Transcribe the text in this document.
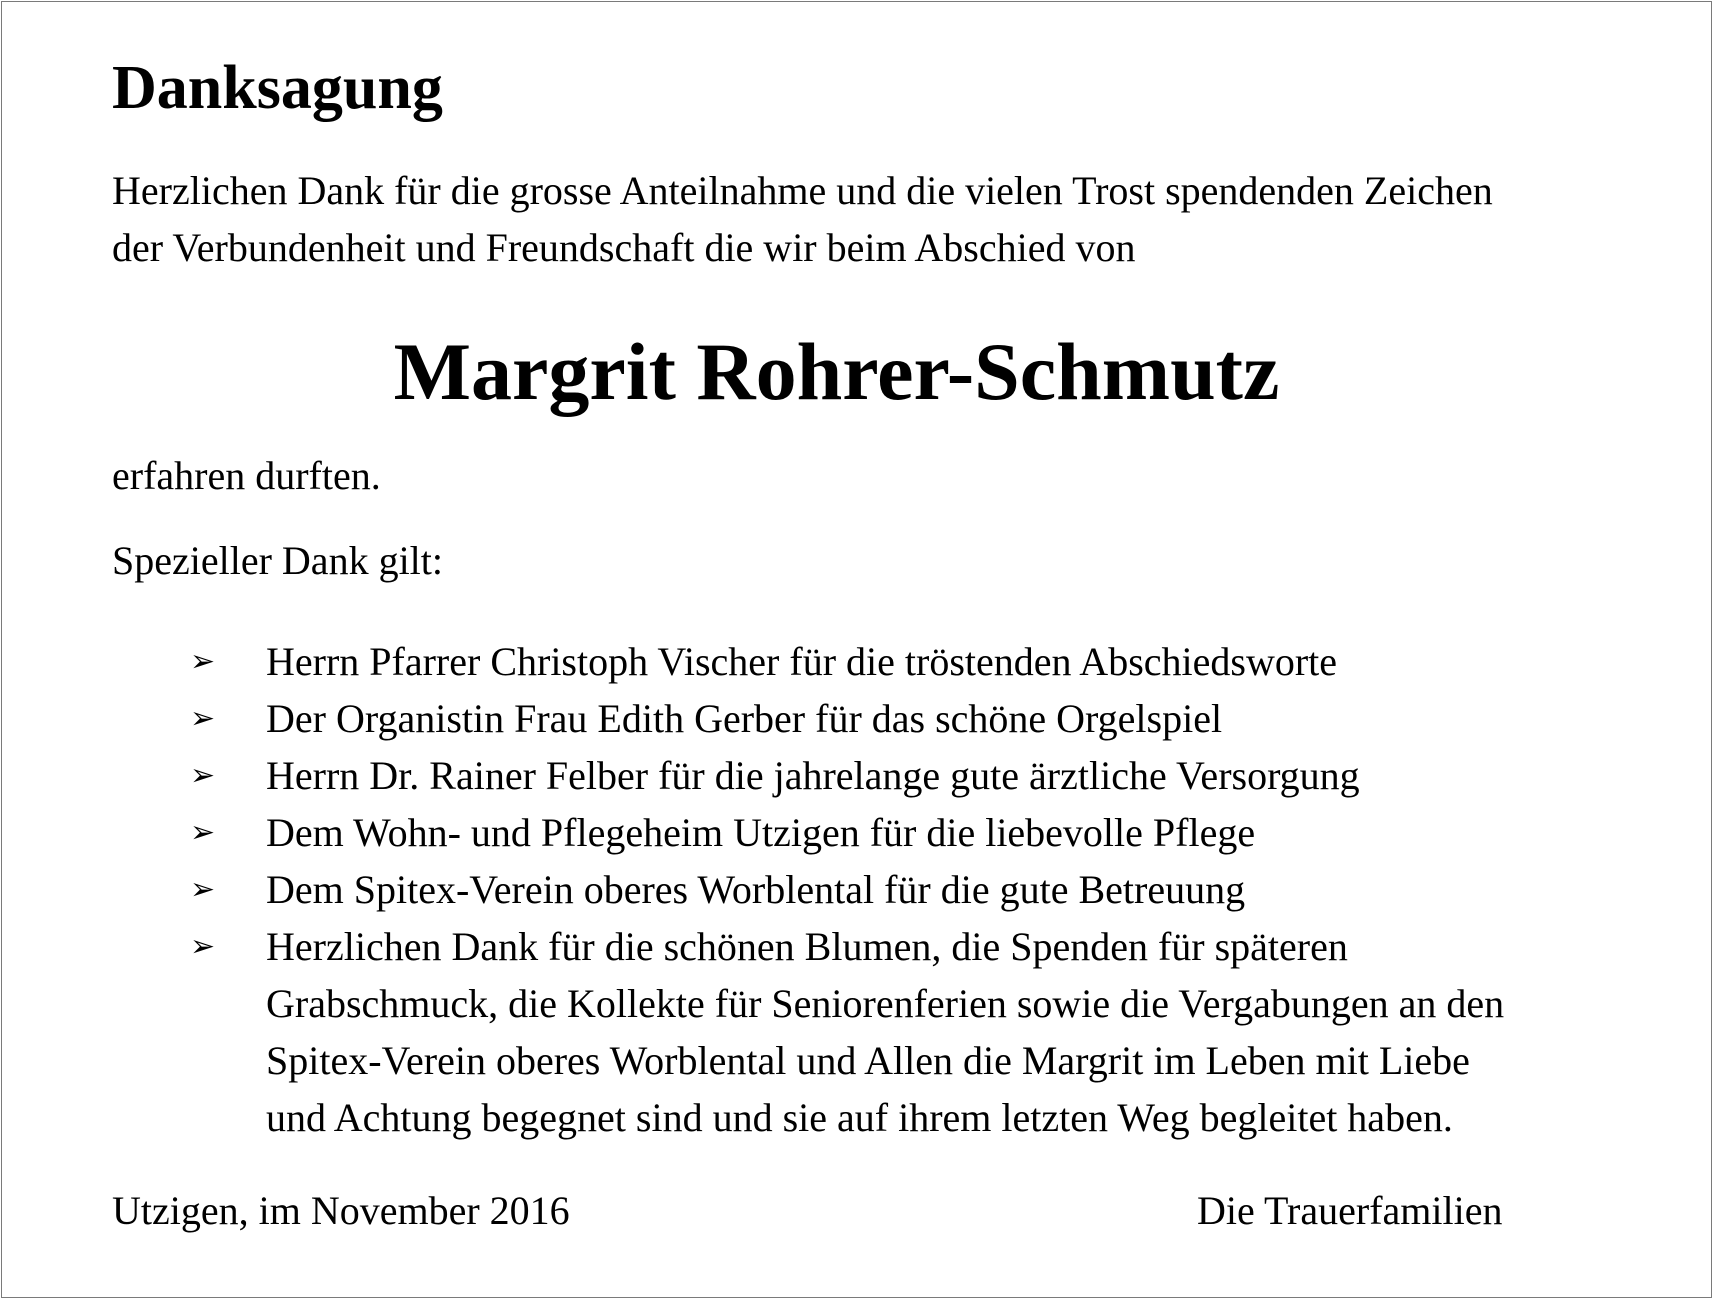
Danksagung

Herzlichen Dank für die grosse Anteilnahme und die vielen Trost spendenden Zeichen

der Verbundenheit und Freundschaft die wir beim Abschied von

Margrit Rohrer-Schmutz

erfahren durften.

Spezieller Dank gilt:

➢ Herrn Pfarrer Christoph Vischer für die tröstenden Abschiedsworte
➢ Der Organistin Frau Edith Gerber für das schöne Orgelspiel
➢ Herrn Dr. Rainer Felber für die jahrelange gute ärztliche Versorgung
➢ Dem Wohn- und Pflegeheim Utzigen für die liebevolle Pflege
➢ Dem Spitex-Verein oberes Worblental für die gute Betreuung
➢ Herzlichen Dank für die schönen Blumen, die Spenden für späteren
Grabschmuck, die Kollekte für Seniorenferien sowie die Vergabungen an den
Spitex-Verein oberes Worblental und Allen die Margrit im Leben mit Liebe
und Achtung begegnet sind und sie auf ihrem letzten Weg begleitet haben.

Utzigen, im November 2016	Die Trauerfamilien
